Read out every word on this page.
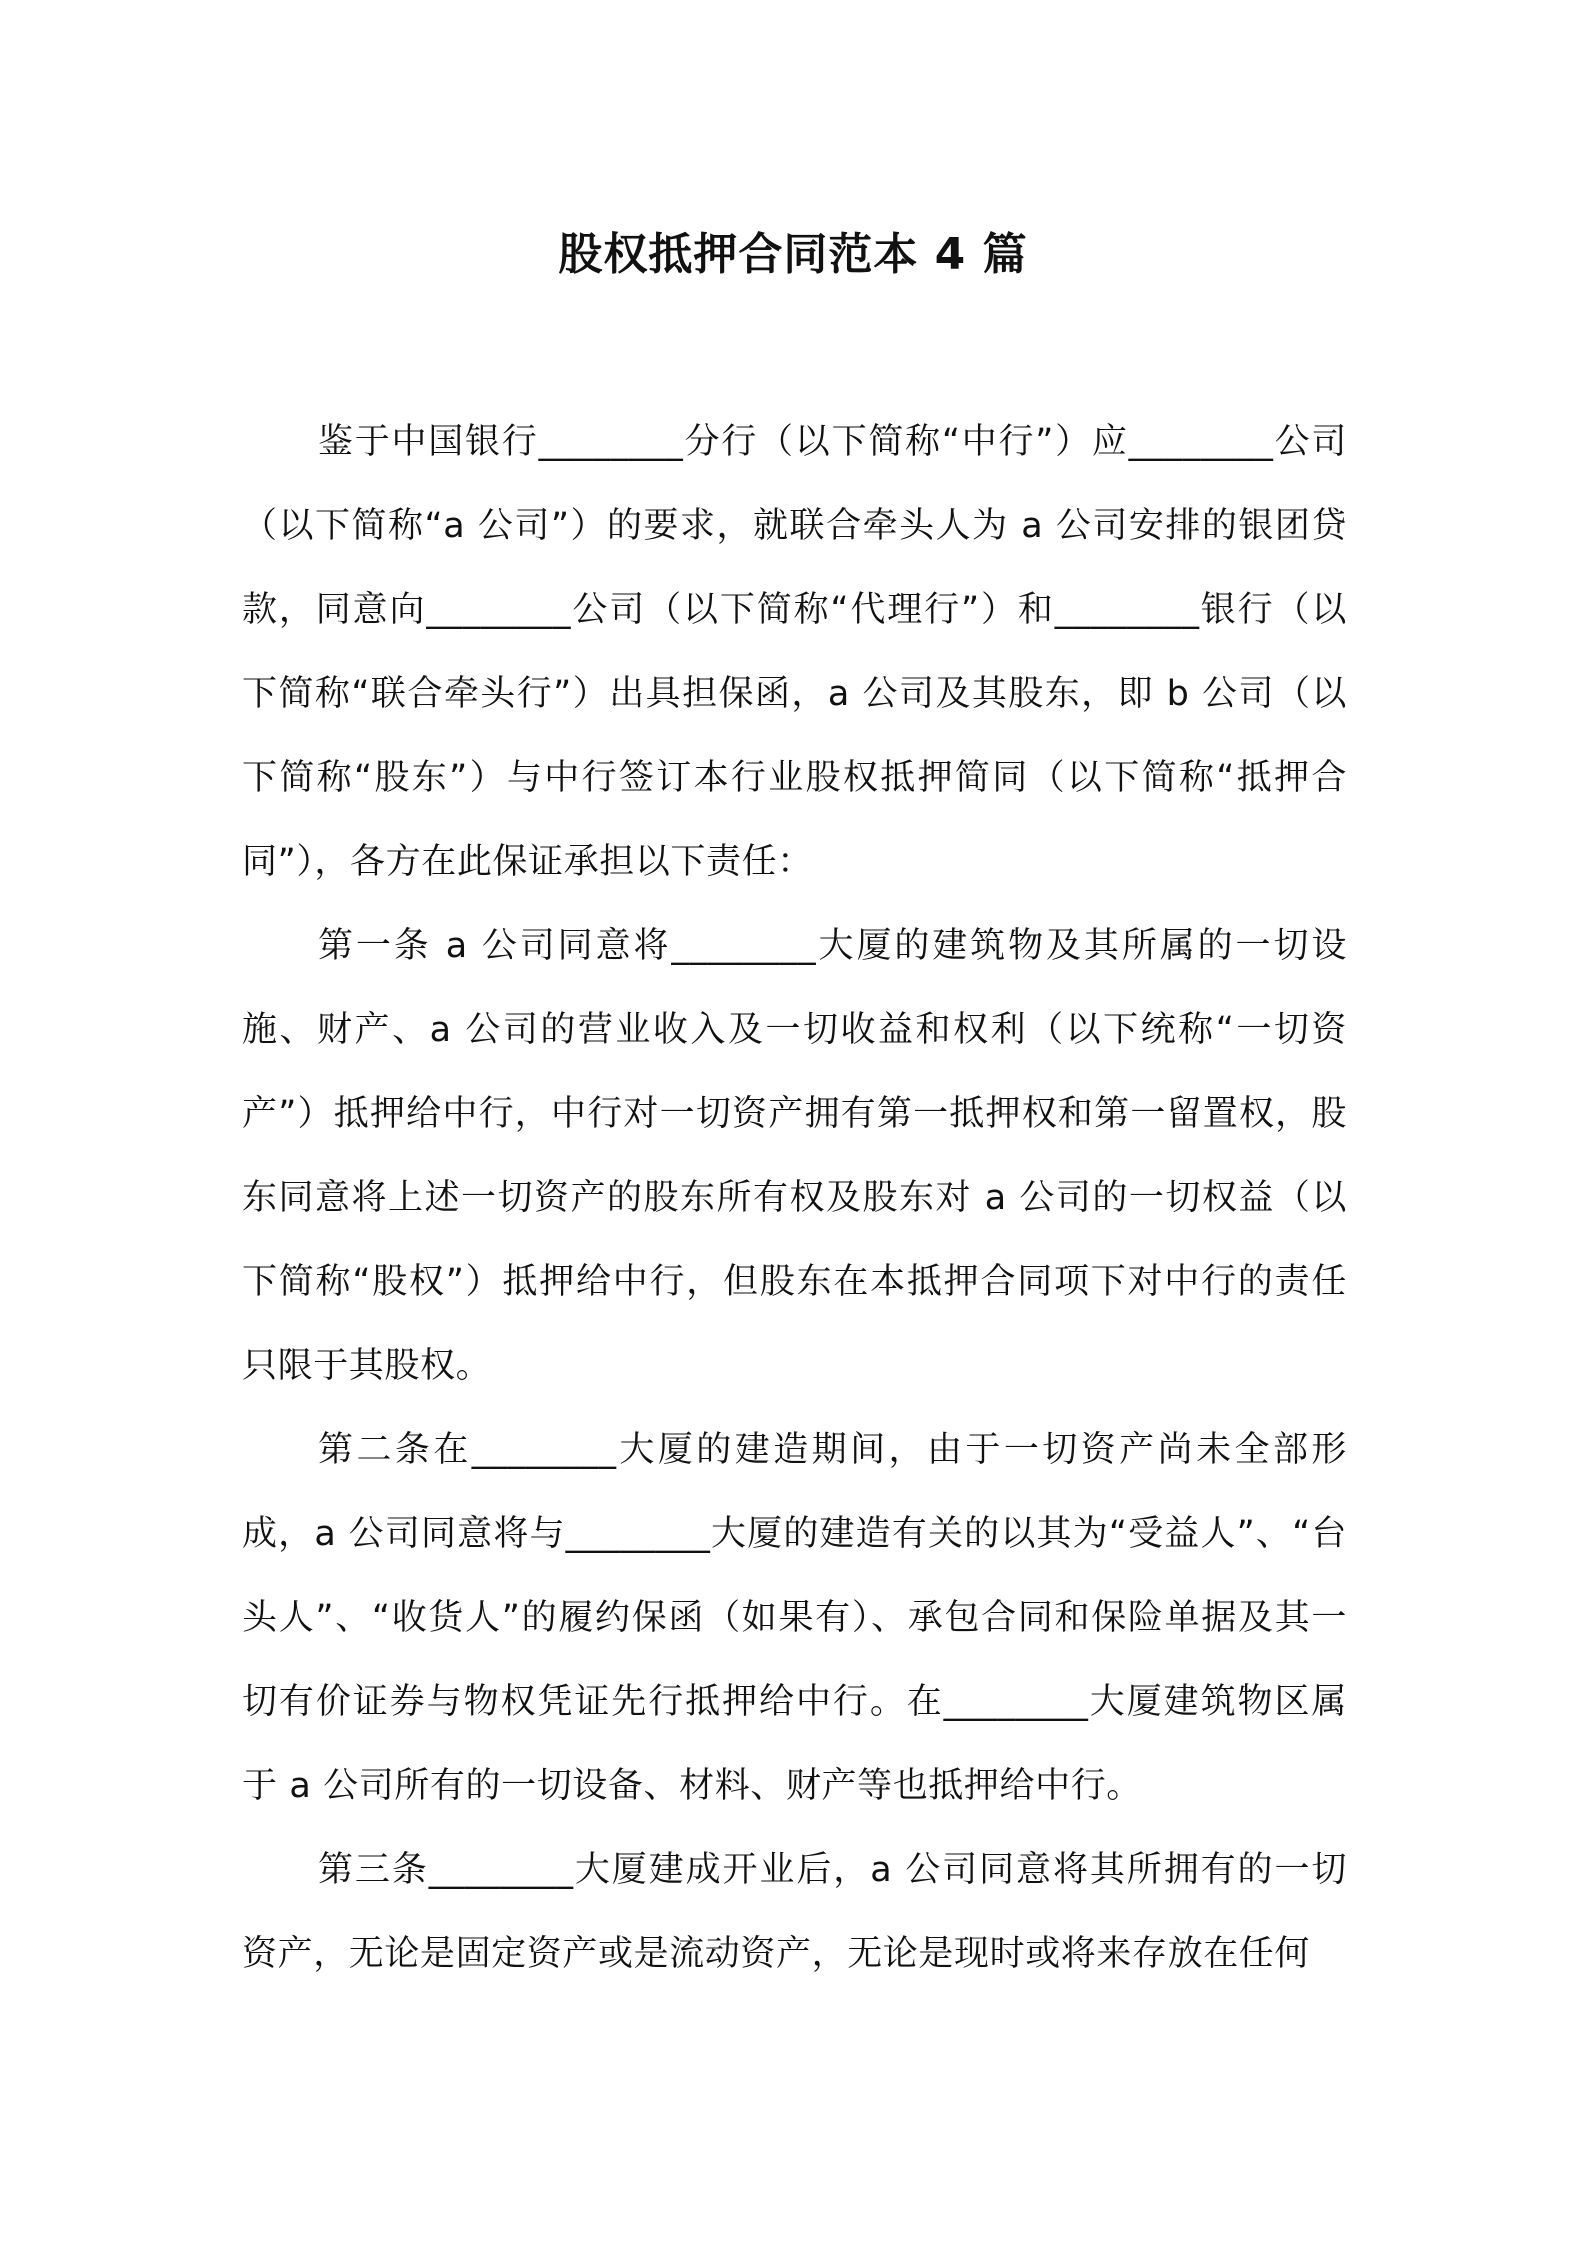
股权抵押合同范本 4 篇

鉴于中国银行________分行（以下简称“中行”）应________公司（以下简称“a 公司”）的要求，就联合牵头人为 a 公司安排的银团贷款，同意向________公司（以下简称“代理行”）和________银行（以下简称“联合牵头行”）出具担保函，a 公司及其股东，即 b 公司（以下简称“股东”）与中行签订本行业股权抵押简同（以下简称“抵押合同”），各方在此保证承担以下责任：

第一条 a 公司同意将________大厦的建筑物及其所属的一切设施、财产、a 公司的营业收入及一切收益和权利（以下统称“一切资产”）抵押给中行，中行对一切资产拥有第一抵押权和第一留置权，股东同意将上述一切资产的股东所有权及股东对 a 公司的一切权益（以下简称“股权”）抵押给中行，但股东在本抵押合同项下对中行的责任只限于其股权。

第二条在________大厦的建造期间，由于一切资产尚未全部形成，a 公司同意将与________大厦的建造有关的以其为“受益人”、“台头人”、“收货人”的履约保函（如果有）、承包合同和保险单据及其一切有价证券与物权凭证先行抵押给中行。在________大厦建筑物区属于 a 公司所有的一切设备、材料、财产等也抵押给中行。

第三条________大厦建成开业后，a 公司同意将其所拥有的一切资产，无论是固定资产或是流动资产，无论是现时或将来存放在任何
